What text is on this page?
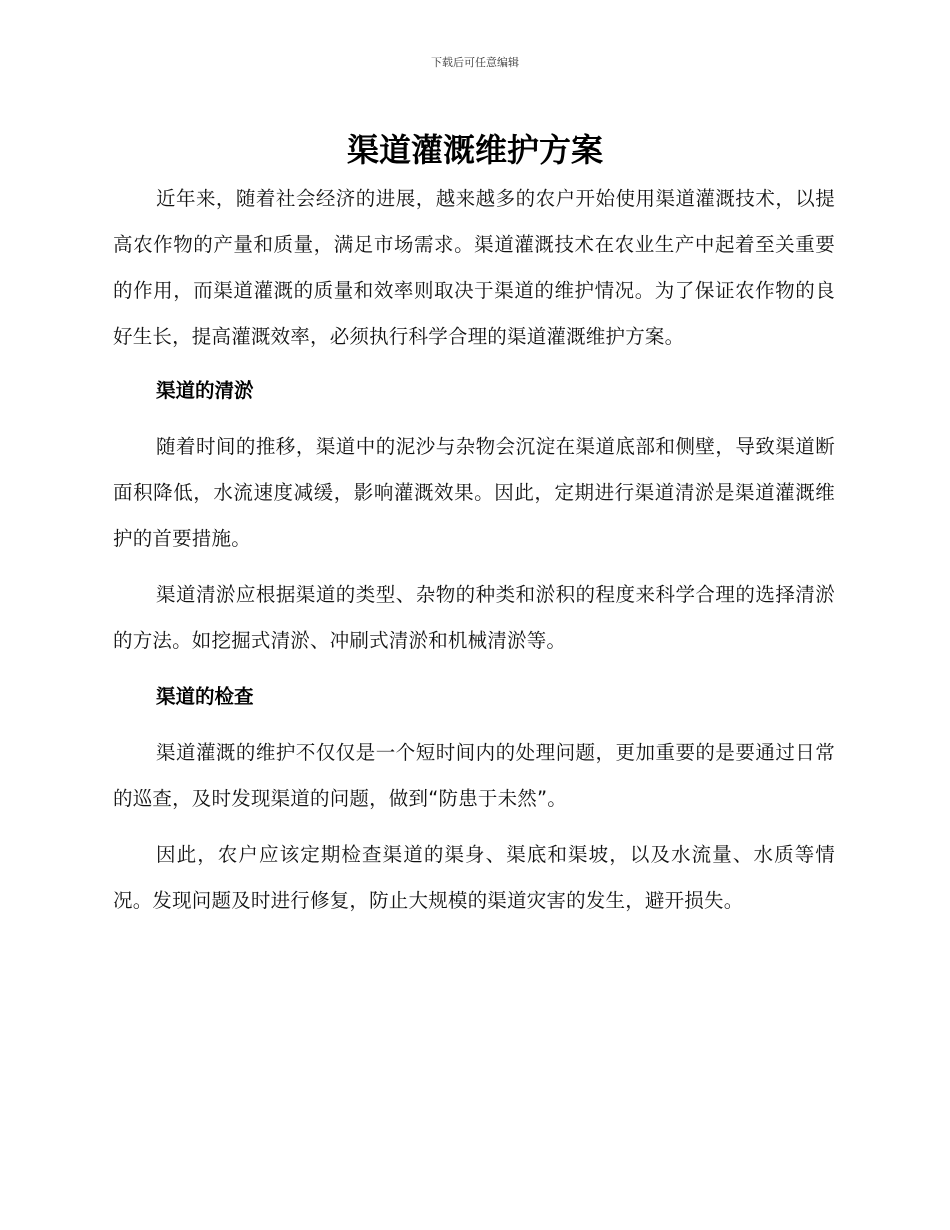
下载后可任意编辑
渠道灌溉维护方案

近年来，随着社会经济的进展，越来越多的农户开始使用渠道灌溉技术，以提高农作物的产量和质量，满足市场需求。渠道灌溉技术在农业生产中起着至关重要的作用，而渠道灌溉的质量和效率则取决于渠道的维护情况。为了保证农作物的良好生长，提高灌溉效率，必须执行科学合理的渠道灌溉维护方案。

渠道的清淤

随着时间的推移，渠道中的泥沙与杂物会沉淀在渠道底部和侧壁，导致渠道断面积降低，水流速度减缓，影响灌溉效果。因此，定期进行渠道清淤是渠道灌溉维护的首要措施。

渠道清淤应根据渠道的类型、杂物的种类和淤积的程度来科学合理的选择清淤的方法。如挖掘式清淤、冲刷式清淤和机械清淤等。

渠道的检查

渠道灌溉的维护不仅仅是一个短时间内的处理问题，更加重要的是要通过日常的巡查，及时发现渠道的问题，做到“防患于未然”。

因此，农户应该定期检查渠道的渠身、渠底和渠坡，以及水流量、水质等情况。发现问题及时进行修复，防止大规模的渠道灾害的发生，避开损失。
